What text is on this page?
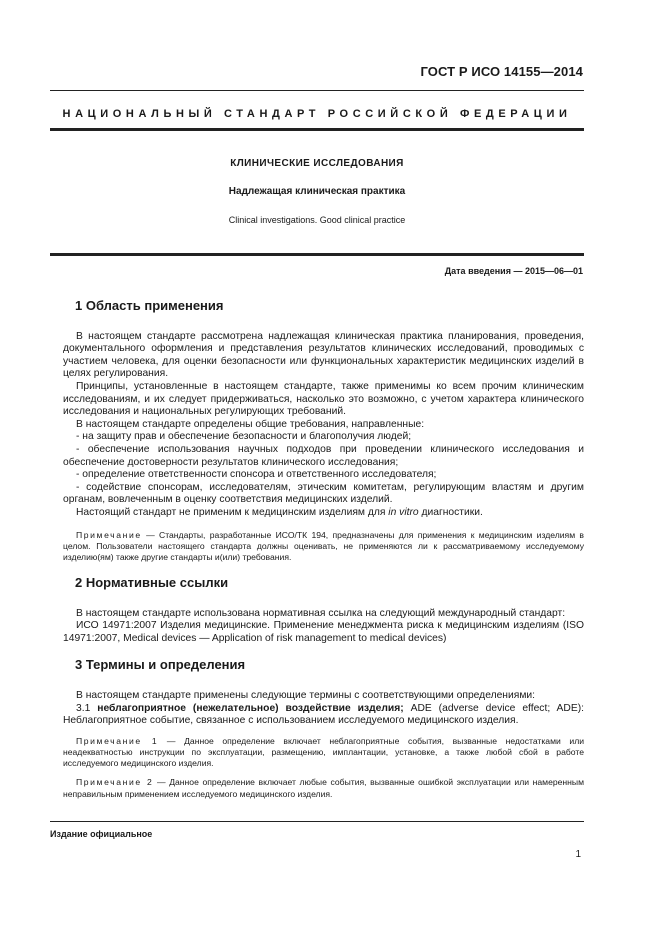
ГОСТ Р ИСО 14155—2014
НАЦИОНАЛЬНЫЙ СТАНДАРТ РОССИЙСКОЙ ФЕДЕРАЦИИ
КЛИНИЧЕСКИЕ ИССЛЕДОВАНИЯ
Надлежащая клиническая практика
Clinical investigations. Good clinical practice
Дата введения — 2015—06—01
1 Область применения

В настоящем стандарте рассмотрена надлежащая клиническая практика планирования, проведения, документального оформления и представления результатов клинических исследований, проводимых с участием человека, для оценки безопасности или функциональных характеристик медицинских изделий в целях регулирования.

Принципы, установленные в настоящем стандарте, также применимы ко всем прочим клиническим исследованиям, и их следует придерживаться, насколько это возможно, с учетом характера клинического исследования и национальных регулирующих требований.

В настоящем стандарте определены общие требования, направленные:

- на защиту прав и обеспечение безопасности и благополучия людей;

- обеспечение использования научных подходов при проведении клинического исследования и обеспечение достоверности результатов клинического исследования;

- определение ответственности спонсора и ответственного исследователя;

- содействие спонсорам, исследователям, этическим комитетам, регулирующим властям и другим органам, вовлеченным в оценку соответствия медицинских изделий.

Настоящий стандарт не применим к медицинским изделиям для in vitro диагностики.

Примечание — Стандарты, разработанные ИСО/ТК 194, предназначены для применения к медицинским изделиям в целом. Пользователи настоящего стандарта должны оценивать, не применяются ли к рассматриваемому исследуемому изделию(ям) также другие стандарты и(или) требования.

2 Нормативные ссылки

В настоящем стандарте использована нормативная ссылка на следующий международный стандарт:

ИСО 14971:2007 Изделия медицинские. Применение менеджмента риска к медицинским изделиям (ISO 14971:2007, Medical devices — Application of risk management to medical devices)

3 Термины и определения

В настоящем стандарте применены следующие термины с соответствующими определениями:

3.1 неблагоприятное (нежелательное) воздействие изделия; ADE (adverse device effect; ADE): Неблагоприятное событие, связанное с использованием исследуемого медицинского изделия.

Примечание 1 — Данное определение включает неблагоприятные события, вызванные недостатками или неадекватностью инструкции по эксплуатации, размещению, имплантации, установке, а также любой сбой в работе исследуемого медицинского изделия.

Примечание 2 — Данное определение включает любые события, вызванные ошибкой эксплуатации или намеренным неправильным применением исследуемого медицинского изделия.

Издание официальное
1
